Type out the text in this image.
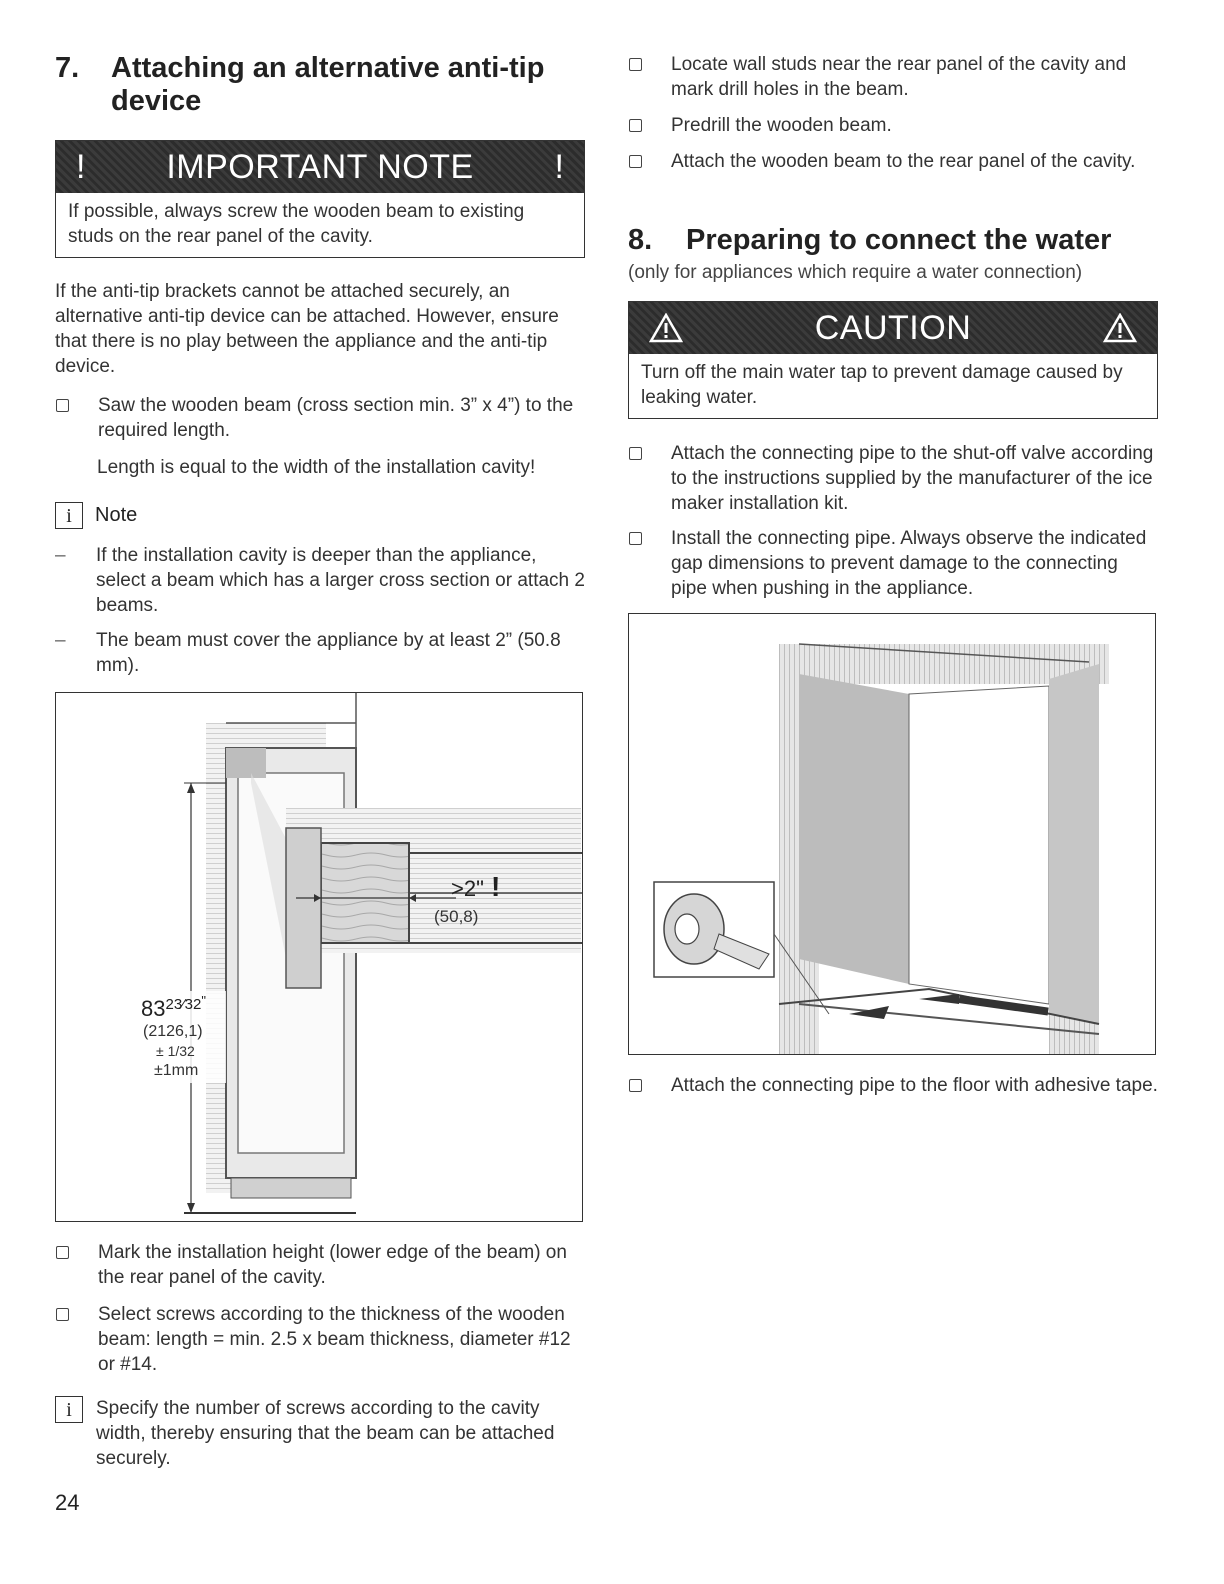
7.	Attaching an alternative anti-tip device
!	IMPORTANT NOTE	!
If possible, always screw the wooden beam to existing studs on the rear panel of the cavity.

If the anti-tip brackets cannot be attached securely, an alternative anti-tip device can be attached. However, ensure that there is no play between the appliance and the anti-tip device.

Saw the wooden beam (cross section min. 3” x 4”) to the required length.
Length is equal to the width of the installation cavity!
i	Note
–	If the installation cavity is deeper than the appliance, select a beam which has a larger cross section or attach 2 beams.
–	The beam must cover the appliance by at least 2” (50.8 mm).
>2" !
(50,8)
$83^{23⁄32}$"
(2126,1)
± 1/32
±1mm
Mark the installation height (lower edge of the beam) on the rear panel of the cavity.
Select screws according to the thickness of the wooden beam: length = min. 2.5 x beam thickness, diameter #12 or #14.
i	Specify the number of screws according to the cavity width, thereby ensuring that the beam can be attached securely.
Locate wall studs near the rear panel of the cavity and mark drill holes in the beam.
Predrill the wooden beam.
Attach the wooden beam to the rear panel of the cavity.
8.	Preparing to connect the water
(only for appliances which require a water connection)
CAUTION
Turn off the main water tap to prevent damage caused by leaking water.
Attach the connecting pipe to the shut-off valve according to the instructions supplied by the manufacturer of the ice maker installation kit.
Install the connecting pipe. Always observe the indicated gap dimensions to prevent damage to the connecting pipe when pushing in the appliance.
Attach the connecting pipe to the floor with adhesive tape.
24
